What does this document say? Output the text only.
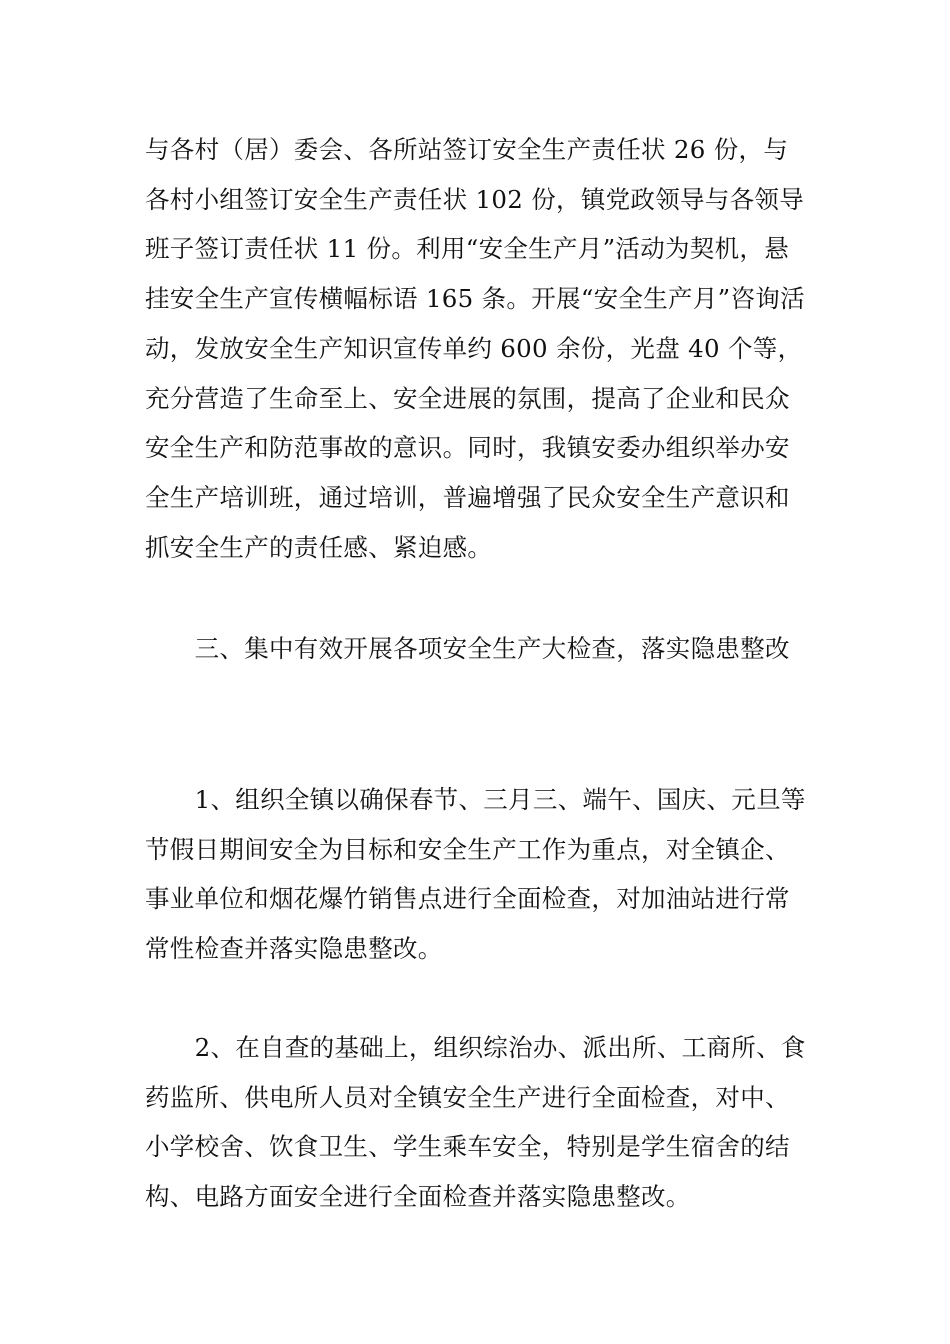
与各村（居）委会、各所站签订安全生产责任状 26 份，与各村小组签订安全生产责任状 102 份，镇党政领导与各领导班子签订责任状 11 份。利用“安全生产月”活动为契机，悬挂安全生产宣传横幅标语 165 条。开展“安全生产月”咨询活动，发放安全生产知识宣传单约 600 余份，光盘 40 个等，充分营造了生命至上、安全进展的氛围，提高了企业和民众安全生产和防范事故的意识。同时，我镇安委办组织举办安全生产培训班，通过培训，普遍增强了民众安全生产意识和抓安全生产的责任感、紧迫感。

　　三、集中有效开展各项安全生产大检查，落实隐患整改

　　1、组织全镇以确保春节、三月三、端午、国庆、元旦等节假日期间安全为目标和安全生产工作为重点，对全镇企、事业单位和烟花爆竹销售点进行全面检查，对加油站进行常常性检查并落实隐患整改。

　　2、在自查的基础上，组织综治办、派出所、工商所、食药监所、供电所人员对全镇安全生产进行全面检查，对中、小学校舍、饮食卫生、学生乘车安全，特别是学生宿舍的结构、电路方面安全进行全面检查并落实隐患整改。
